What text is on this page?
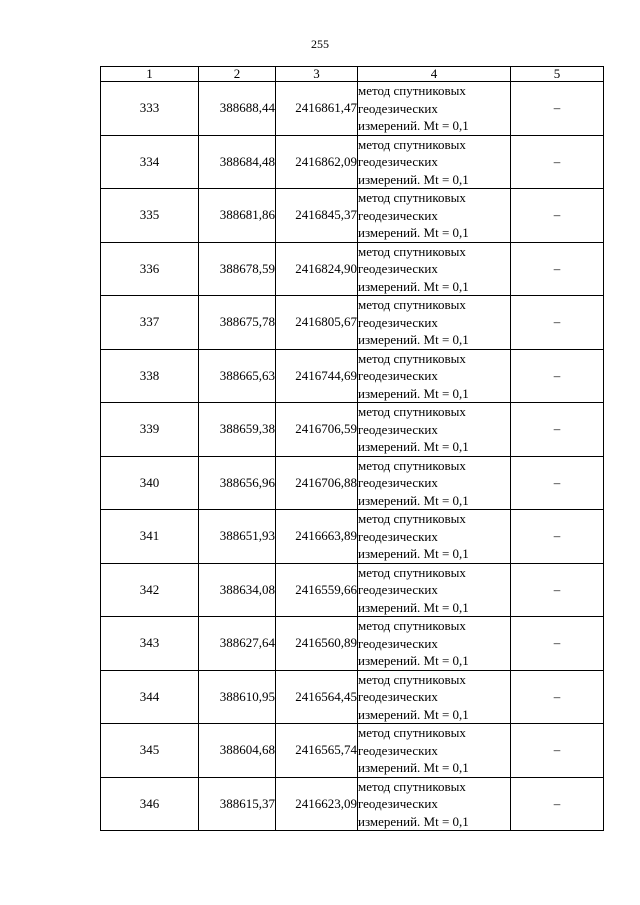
255
1	2	3	4	5
333	388688,44	2416861,47	метод спутниковых
геодезических
измерений. Mt = 0,1	–
334	388684,48	2416862,09	метод спутниковых
геодезических
измерений. Mt = 0,1	–
335	388681,86	2416845,37	метод спутниковых
геодезических
измерений. Mt = 0,1	–
336	388678,59	2416824,90	метод спутниковых
геодезических
измерений. Mt = 0,1	–
337	388675,78	2416805,67	метод спутниковых
геодезических
измерений. Mt = 0,1	–
338	388665,63	2416744,69	метод спутниковых
геодезических
измерений. Mt = 0,1	–
339	388659,38	2416706,59	метод спутниковых
геодезических
измерений. Mt = 0,1	–
340	388656,96	2416706,88	метод спутниковых
геодезических
измерений. Mt = 0,1	–
341	388651,93	2416663,89	метод спутниковых
геодезических
измерений. Mt = 0,1	–
342	388634,08	2416559,66	метод спутниковых
геодезических
измерений. Mt = 0,1	–
343	388627,64	2416560,89	метод спутниковых
геодезических
измерений. Mt = 0,1	–
344	388610,95	2416564,45	метод спутниковых
геодезических
измерений. Mt = 0,1	–
345	388604,68	2416565,74	метод спутниковых
геодезических
измерений. Mt = 0,1	–
346	388615,37	2416623,09	метод спутниковых
геодезических
измерений. Mt = 0,1	–
